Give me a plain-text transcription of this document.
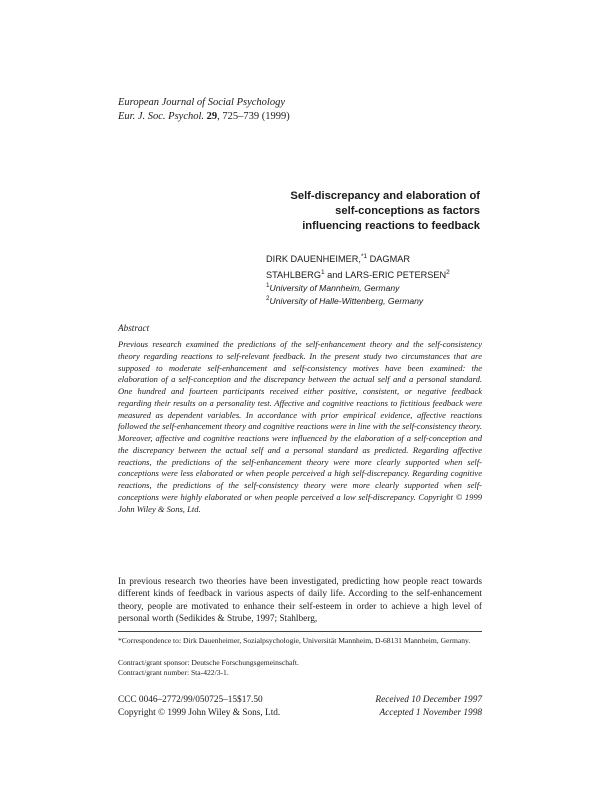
European Journal of Social Psychology
Eur. J. Soc. Psychol. 29, 725–739 (1999)
Self-discrepancy and elaboration of
self-conceptions as factors
influencing reactions to feedback
DIRK DAUENHEIMER,$^{*1}$ DAGMAR
STAHLBERG$^1$ and LARS-ERIC PETERSEN$^2$
$^1$University of Mannheim, Germany
$^2$University of Halle-Wittenberg, Germany
Abstract
Previous research examined the predictions of the self-enhancement theory and the self-consistency theory regarding reactions to self-relevant feedback. In the present study two circumstances that are supposed to moderate self-enhancement and self-consistency motives have been examined: the elaboration of a self-conception and the discrepancy between the actual self and a personal standard. One hundred and fourteen participants received either positive, consistent, or negative feedback regarding their results on a personality test. Affective and cognitive reactions to fictitious feedback were measured as dependent variables. In accordance with prior empirical evidence, affective reactions followed the self-enhancement theory and cognitive reactions were in line with the self-consistency theory. Moreover, affective and cognitive reactions were influenced by the elaboration of a self-conception and the discrepancy between the actual self and a personal standard as predicted. Regarding affective reactions, the predictions of the self-enhancement theory were more clearly supported when self-conceptions were less elaborated or when people perceived a high self-discrepancy. Regarding cognitive reactions, the predictions of the self-consistency theory were more clearly supported when self-conceptions were highly elaborated or when people perceived a low self-discrepancy. Copyright © 1999 John Wiley & Sons, Ltd.
In previous research two theories have been investigated, predicting how people react towards different kinds of feedback in various aspects of daily life. According to the self-enhancement theory, people are motivated to enhance their self-esteem in order to achieve a high level of personal worth (Sedikides & Strube, 1997; Stahlberg,
*Correspondence to: Dirk Dauenheimer, Sozialpsychologie, Universität Mannheim, D-68131 Mannheim, Germany.
Contract/grant sponsor: Deutsche Forschungsgemeinschaft.
Contract/grant number: Sta-422/3-1.
CCC 0046–2772/99/050725–15$17.50
Copyright © 1999 John Wiley & Sons, Ltd.
Received 10 December 1997
Accepted 1 November 1998
